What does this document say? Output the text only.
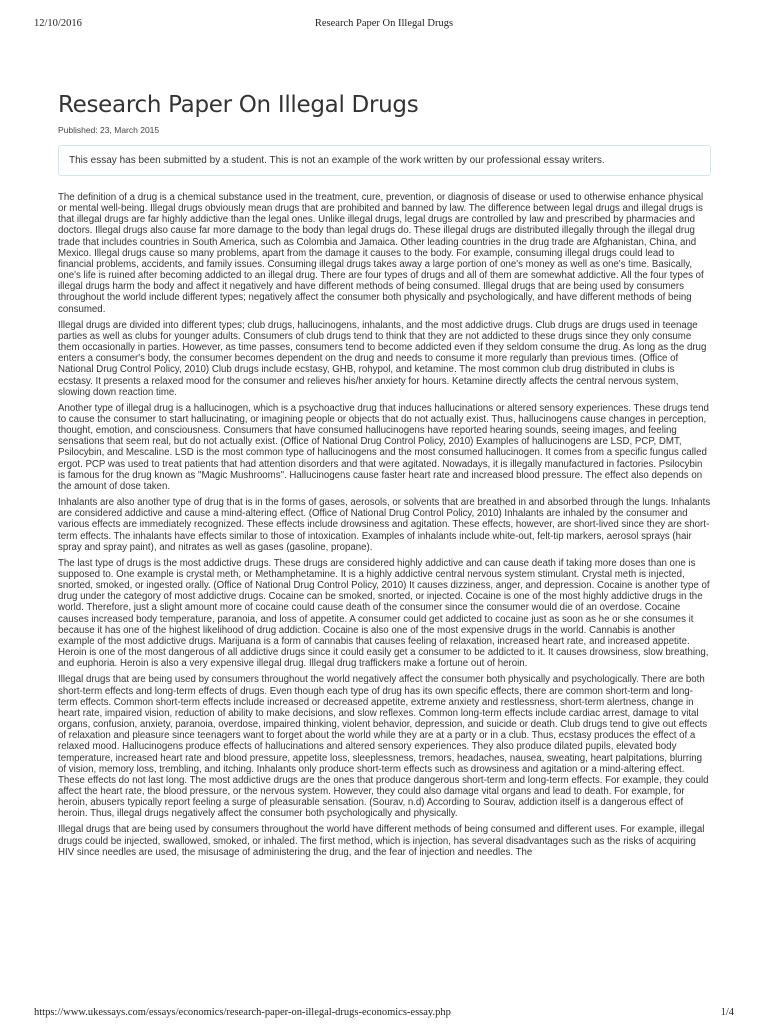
12/10/2016	Research Paper On Illegal Drugs
Research Paper On Illegal Drugs
Published: 23, March 2015
This essay has been submitted by a student. This is not an example of the work written by our professional essay writers.

The definition of a drug is a chemical substance used in the treatment, cure, prevention, or diagnosis of disease or used to otherwise enhance physical or mental well-being. Illegal drugs obviously mean drugs that are prohibited and banned by law. The difference between legal drugs and illegal drugs is that illegal drugs are far highly addictive than the legal ones. Unlike illegal drugs, legal drugs are controlled by law and prescribed by pharmacies and doctors. Illegal drugs also cause far more damage to the body than legal drugs do. These illegal drugs are distributed illegally through the illegal drug trade that includes countries in South America, such as Colombia and Jamaica. Other leading countries in the drug trade are Afghanistan, China, and Mexico. Illegal drugs cause so many problems, apart from the damage it causes to the body. For example, consuming illegal drugs could lead to financial problems, accidents, and family issues. Consuming illegal drugs takes away a large portion of one's money as well as one's time. Basically, one's life is ruined after becoming addicted to an illegal drug. There are four types of drugs and all of them are somewhat addictive. All the four types of illegal drugs harm the body and affect it negatively and have different methods of being consumed. Illegal drugs that are being used by consumers throughout the world include different types; negatively affect the consumer both physically and psychologically, and have different methods of being consumed.

Illegal drugs are divided into different types; club drugs, hallucinogens, inhalants, and the most addictive drugs. Club drugs are drugs used in teenage parties as well as clubs for younger adults. Consumers of club drugs tend to think that they are not addicted to these drugs since they only consume them occasionally in parties. However, as time passes, consumers tend to become addicted even if they seldom consume the drug. As long as the drug enters a consumer's body, the consumer becomes dependent on the drug and needs to consume it more regularly than previous times. (Office of National Drug Control Policy, 2010) Club drugs include ecstasy, GHB, rohypol, and ketamine. The most common club drug distributed in clubs is ecstasy. It presents a relaxed mood for the consumer and relieves his/her anxiety for hours. Ketamine directly affects the central nervous system, slowing down reaction time.

Another type of illegal drug is a hallucinogen, which is a psychoactive drug that induces hallucinations or altered sensory experiences. These drugs tend to cause the consumer to start hallucinating, or imagining people or objects that do not actually exist. Thus, hallucinogens cause changes in perception, thought, emotion, and consciousness. Consumers that have consumed hallucinogens have reported hearing sounds, seeing images, and feeling sensations that seem real, but do not actually exist. (Office of National Drug Control Policy, 2010) Examples of hallucinogens are LSD, PCP, DMT, Psilocybin, and Mescaline. LSD is the most common type of hallucinogens and the most consumed hallucinogen. It comes from a specific fungus called ergot. PCP was used to treat patients that had attention disorders and that were agitated. Nowadays, it is illegally manufactured in factories. Psilocybin is famous for the drug known as "Magic Mushrooms". Hallucinogens cause faster heart rate and increased blood pressure. The effect also depends on the amount of dose taken.

Inhalants are also another type of drug that is in the forms of gases, aerosols, or solvents that are breathed in and absorbed through the lungs. Inhalants are considered addictive and cause a mind-altering effect. (Office of National Drug Control Policy, 2010) Inhalants are inhaled by the consumer and various effects are immediately recognized. These effects include drowsiness and agitation. These effects, however, are short-lived since they are short-term effects. The inhalants have effects similar to those of intoxication. Examples of inhalants include white-out, felt-tip markers, aerosol sprays (hair spray and spray paint), and nitrates as well as gases (gasoline, propane).

The last type of drugs is the most addictive drugs. These drugs are considered highly addictive and can cause death if taking more doses than one is supposed to. One example is crystal meth, or Methamphetamine. It is a highly addictive central nervous system stimulant. Crystal meth is injected, snorted, smoked, or ingested orally. (Office of National Drug Control Policy, 2010) It causes dizziness, anger, and depression. Cocaine is another type of drug under the category of most addictive drugs. Cocaine can be smoked, snorted, or injected. Cocaine is one of the most highly addictive drugs in the world. Therefore, just a slight amount more of cocaine could cause death of the consumer since the consumer would die of an overdose. Cocaine causes increased body temperature, paranoia, and loss of appetite. A consumer could get addicted to cocaine just as soon as he or she consumes it because it has one of the highest likelihood of drug addiction. Cocaine is also one of the most expensive drugs in the world. Cannabis is another example of the most addictive drugs. Marijuana is a form of cannabis that causes feeling of relaxation, increased heart rate, and increased appetite. Heroin is one of the most dangerous of all addictive drugs since it could easily get a consumer to be addicted to it. It causes drowsiness, slow breathing, and euphoria. Heroin is also a very expensive illegal drug. Illegal drug traffickers make a fortune out of heroin.

Illegal drugs that are being used by consumers throughout the world negatively affect the consumer both physically and psychologically. There are both short-term effects and long-term effects of drugs. Even though each type of drug has its own specific effects, there are common short-term and long-term effects. Common short-term effects include increased or decreased appetite, extreme anxiety and restlessness, short-term alertness, change in heart rate, impaired vision, reduction of ability to make decisions, and slow reflexes. Common long-term effects include cardiac arrest, damage to vital organs, confusion, anxiety, paranoia, overdose, impaired thinking, violent behavior, depression, and suicide or death. Club drugs tend to give out effects of relaxation and pleasure since teenagers want to forget about the world while they are at a party or in a club. Thus, ecstasy produces the effect of a relaxed mood. Hallucinogens produce effects of hallucinations and altered sensory experiences. They also produce dilated pupils, elevated body temperature, increased heart rate and blood pressure, appetite loss, sleeplessness, tremors, headaches, nausea, sweating, heart palpitations, blurring of vision, memory loss, trembling, and itching. Inhalants only produce short-term effects such as drowsiness and agitation or a mind-altering effect. These effects do not last long. The most addictive drugs are the ones that produce dangerous short-term and long-term effects. For example, they could affect the heart rate, the blood pressure, or the nervous system. However, they could also damage vital organs and lead to death. For example, for heroin, abusers typically report feeling a surge of pleasurable sensation. (Sourav, n.d) According to Sourav, addiction itself is a dangerous effect of heroin. Thus, illegal drugs negatively affect the consumer both psychologically and physically.

Illegal drugs that are being used by consumers throughout the world have different methods of being consumed and different uses. For example, illegal drugs could be injected, swallowed, smoked, or inhaled. The first method, which is injection, has several disadvantages such as the risks of acquiring HIV since needles are used, the misusage of administering the drug, and the fear of injection and needles. The

https://www.ukessays.com/essays/economics/research-paper-on-illegal-drugs-economics-essay.php	1/4
